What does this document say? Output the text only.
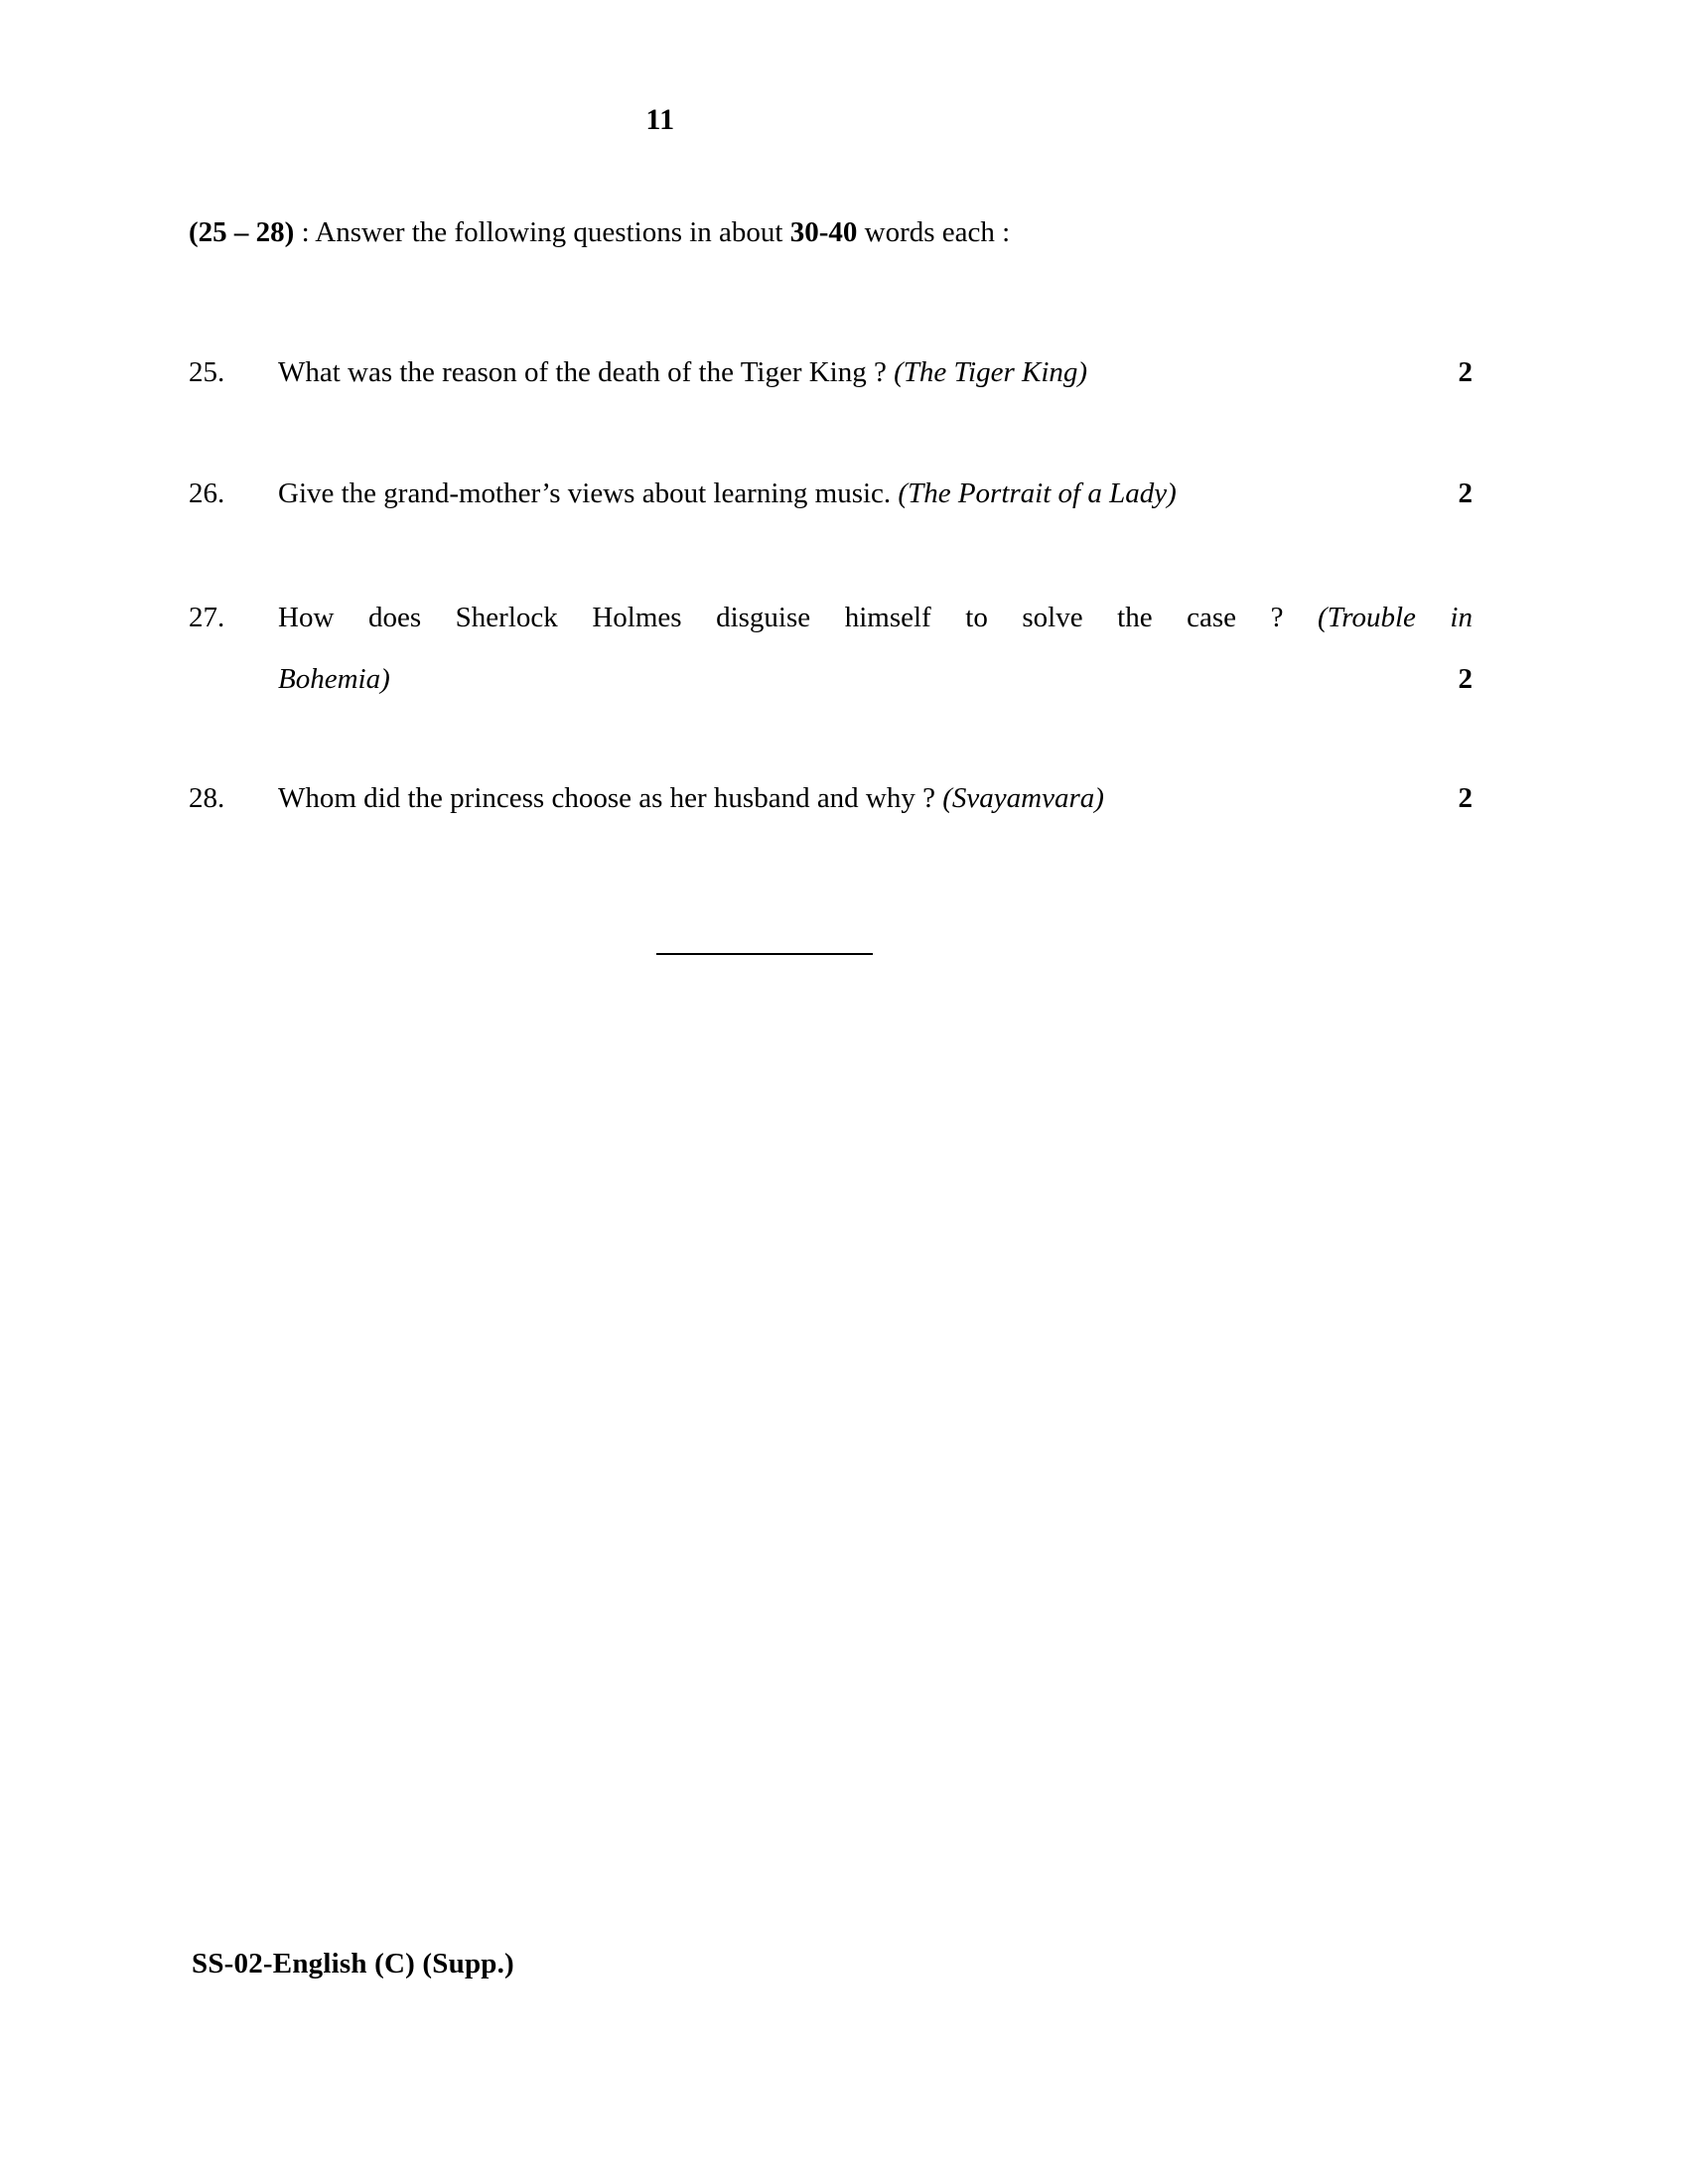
11
(25 – 28) : Answer the following questions in about 30-40 words each :
25.	What was the reason of the death of the Tiger King ? (The Tiger King)	2
26.	Give the grand-mother’s views about learning music. (The Portrait of a Lady)	2
27.	How does Sherlock Holmes disguise himself to solve the case ? (Trouble in
Bohemia)	2
28.	Whom did the princess choose as her husband and why ? (Svayamvara)	2
SS-02-English (C) (Supp.)
